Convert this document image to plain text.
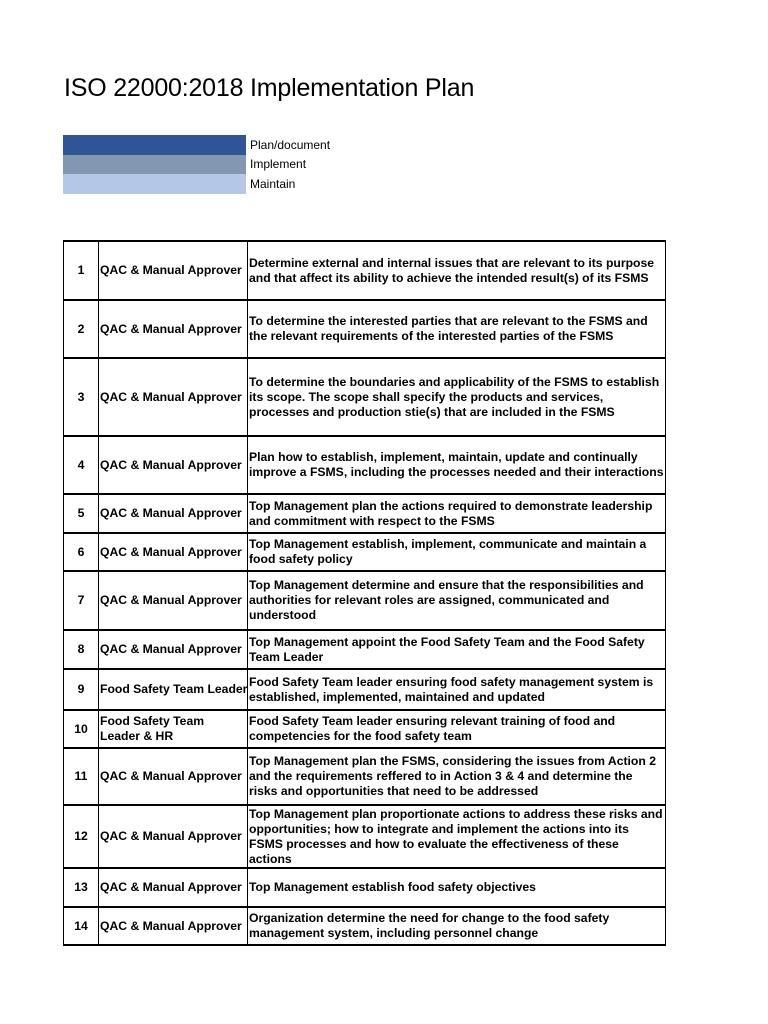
ISO 22000:2018 Implementation Plan
Plan/document
Implement
Maintain
1	QAC & Manual Approver	Determine external and internal issues that are relevant to its purpose and that affect its ability to achieve the intended result(s) of its FSMS
2	QAC & Manual Approver	To determine the interested parties that are relevant to the FSMS and the relevant requirements of the interested parties of the FSMS
3	QAC & Manual Approver	To determine the boundaries and applicability of the FSMS to establish its scope. The scope shall specify the products and services, processes and production stie(s) that are included in the FSMS
4	QAC & Manual Approver	Plan how to establish, implement, maintain, update and continually improve a FSMS, including the processes needed and their interactions
5	QAC & Manual Approver	Top Management plan the actions required to demonstrate leadership and commitment with respect to the FSMS
6	QAC & Manual Approver	Top Management establish, implement, communicate and maintain a food safety policy
7	QAC & Manual Approver	Top Management determine and ensure that the responsibilities and authorities for relevant roles are assigned, communicated and understood
8	QAC & Manual Approver	Top Management appoint the Food Safety Team and the Food Safety Team Leader
9	Food Safety Team Leader	Food Safety Team leader ensuring food safety management system is established, implemented, maintained and updated
10	Food Safety Team Leader & HR	Food Safety Team leader ensuring relevant training of food and competencies for the food safety team
11	QAC & Manual Approver	Top Management plan the FSMS, considering the issues from Action 2 and the requirements reffered to in Action 3 & 4 and determine the risks and opportunities that need to be addressed
12	QAC & Manual Approver	Top Management plan proportionate actions to address these risks and opportunities; how to integrate and implement the actions into its FSMS processes and how to evaluate the effectiveness of these actions
13	QAC & Manual Approver	Top Management establish food safety objectives
14	QAC & Manual Approver	Organization determine the need for change to the food safety management system, including personnel change
